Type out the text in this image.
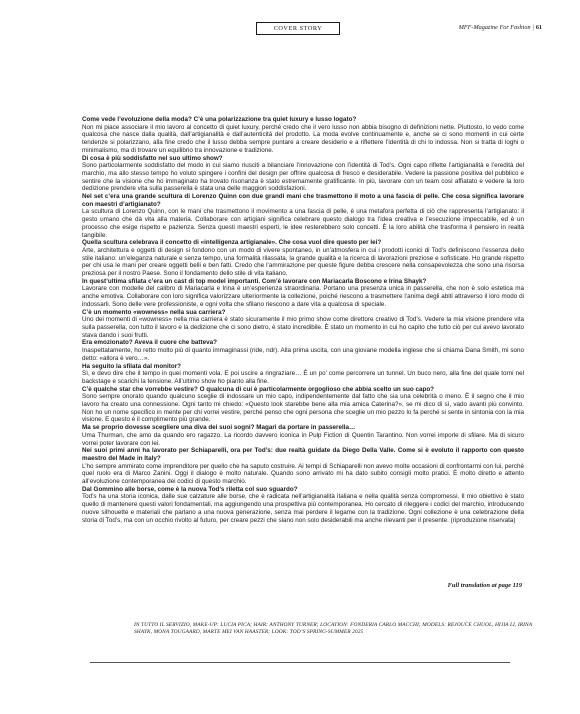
COVER STORY	MFF-Magazine For Fashion | 61

Come vede l’evoluzione della moda? C’è una polarizzazione tra quiet luxury e lusso logato?

Non mi piace associare il mio lavoro al concetto di quiet luxury, perché credo che il vero lusso non abbia bisogno di definizioni nette. Piuttosto, lo vedo come qualcosa che nasce dalla qualità, dall’artigianalità e dall’autenticità del prodotto. La moda evolve continuamente e, anche se ci sono momenti in cui certe tendenze si polarizzano, alla fine credo che il lusso debba sempre puntare a creare desiderio e a riflettere l’identità di chi lo indossa. Non si tratta di loghi o minimalismo, ma di trovare un equilibrio tra innovazione e tradizione.

Di cosa è più soddisfatto nel suo ultimo show?

Sono particolarmente soddisfatto del modo in cui siamo riusciti a bilanciare l’innovazione con l’identità di Tod’s. Ogni capo riflette l’artigianalità e l’eredità del marchio, ma allo stesso tempo ho voluto spingere i confini del design per offrire qualcosa di fresco e desiderabile. Vedere la passione positiva del pubblico e sentire che la visione che ho immaginato ha trovato risonanza è stato estremamente gratificante. In più, lavorare con un team così affiatato e vedere la loro dedizione prendere vita sulla passerella è stata una delle maggiori soddisfazioni.

Nel set c’era una grande scultura di Lorenzo Quinn con due grandi mani che trasmettono il moto a una fascia di pelle. Che cosa significa lavorare con maestri d’artigianato?

La scultura di Lorenzo Quinn, con le mani che trasmettono il movimento a una fascia di pelle, è una metafora perfetta di ciò che rappresenta l’artigianato: il gesto umano che dà vita alla materia. Collaborare con artigiani significa celebrare questo dialogo tra l’idea creativa e l’esecuzione impeccabile, ed è un processo che esige rispetto e pazienza. Senza questi maestri esperti, le idee resterebbero solo concetti. È la loro abilità che trasforma il pensiero in realtà tangibile.

Quella scultura celebrava il concetto di «intelligenza artigianale». Che cosa vuol dire questo per lei?

Arte, architettura e oggetti di design si fondono con un modo di vivere spontaneo, in un’atmosfera in cui i prodotti iconici di Tod’s definiscono l’essenza dello stile italiano: un’eleganza naturale e senza tempo, una formalità rilassata, la grande qualità e la ricerca di lavorazioni preziose e sofisticate. Ho grande rispetto per chi usa le mani per creare oggetti belli e ben fatti. Credo che l’ammirazione per queste figure debba crescere nella consapevolezza che sono una risorsa preziosa per il nostro Paese. Sono il fondamento dello stile di vita italiano.

In quest’ultima sfilata c’era un cast di top model importanti. Com’è lavorare con Mariacarla Boscono e Irina Shayk?

Lavorare con modelle del calibro di Mariacarla e Irina è un’esperienza straordinaria. Portano una presenza unica in passerella, che non è solo estetica ma anche emotiva. Collaborare con loro significa valorizzare ulteriormente la collezione, poiché riescono a trasmettere l’anima degli abiti attraverso il loro modo di indossarli. Sono delle vere professioniste, e ogni volta che sfilano riescono a dare vita a qualcosa di speciale.

C’è un momento «wowness» nella sua carriera?

Uno dei momenti di «wowness» nella mia carriera è stato sicuramente il mio primo show come direttore creativo di Tod’s. Vedere la mia visione prendere vita sulla passerella, con tutto il lavoro e la dedizione che ci sono dietro, è stato incredibile. È stato un momento in cui ho capito che tutto ciò per cui avevo lavorato stava dando i suoi frutti.

Era emozionato? Aveva il cuore che batteva?

Inaspettatamente, ho retto molto più di quanto immaginassi (ride, ndr). Alla prima uscita, con una giovane modella inglese che si chiama Dana Smith, mi sono detto: «allora è vero…».

Ha seguito la sfilata dal monitor?

Sì, e devo dire che il tempo in quei momenti vola. E poi uscire a ringraziare… È un po’ come percorrere un tunnel. Un buco nero, alla fine del quale torni nel backstage e scarichi la tensione. All’ultimo show ho pianto alla fine.

C’è qualche star che vorrebbe vestire? O qualcuna di cui è particolarmente orgoglioso che abbia scelto un suo capo?

Sono sempre onorato quando qualcuno sceglie di indossare un mio capo, indipendentemente dal fatto che sia una celebrità o meno. È il segno che il mio lavoro ha creato una connessione. Ogni tanto mi chiedo: «Questo look starebbe bene alla mia amica Caterina?», se mi dico di sì, vado avanti più convinto. Non ho un nome specifico in mente per chi vorrei vestire, perché penso che ogni persona che sceglie un mio pezzo lo fa perché si sente in sintonia con la mia visione. E questo è il complimento più grande.

Ma se proprio dovesse scegliere una diva dei suoi sogni? Magari da portare in passerella…

Uma Thurman, che amo da quando ero ragazzo. La ricordo davvero iconica in Pulp Fiction di Quentin Tarantino. Non vorrei imporle di sfilare. Ma di sicuro vorrei poter lavorare con lei.

Nei suoi primi anni ha lavorato per Schiaparelli, ora per Tod’s: due realtà guidate da Diego Della Valle. Come si è evoluto il rapporto con questo maestro del Made in Italy?

L’ho sempre ammirato come imprenditore per quello che ha saputo costruire. Ai tempi di Schiaparelli non avevo molte occasioni di confrontarmi con lui, perché quel ruolo era di Marco Zanini. Oggi il dialogo è molto naturale. Quando sono arrivato mi ha dato subito consigli molto pratici. È molto diretto e attento all’evoluzione contemporanea dei codici di questo marchio.

Dal Gommino alle borse, come è la nuova Tod’s riletta col suo sguardo?

Tod’s ha una storia iconica, dalle sue calzature alle borse, che è radicata nell’artigianalità italiana e nella qualità senza compromessi. Il mio obiettivo è stato quello di mantenere questi valori fondamentali, ma aggiungendo una prospettiva più contemporanea. Ho cercato di rileggere i codici del marchio, introducendo nuove silhouette e materiali che parlano a una nuova generazione, senza mai perdere il legame con la tradizione. Ogni collezione è una celebrazione della storia di Tod’s, ma con un occhio rivolto al futuro, per creare pezzi che siano non solo desiderabili ma anche rilevanti per il presente. (riproduzione riservata)

Full translation at page 119
IN TUTTO IL SERVIZIO, MAKE-UP: LUCIA PICA; HAIR: ANTHONY TURNER; LOCATION: FONDERIA CARLO MACCHI; MODELS: REJOUCE CHUOL, HIJIA LI, IRINA SHAYK, MONA TOUGAARD, MARTE MEI VAN HAASTER; LOOK: TOD’S SPRING-SUMMER 2025
